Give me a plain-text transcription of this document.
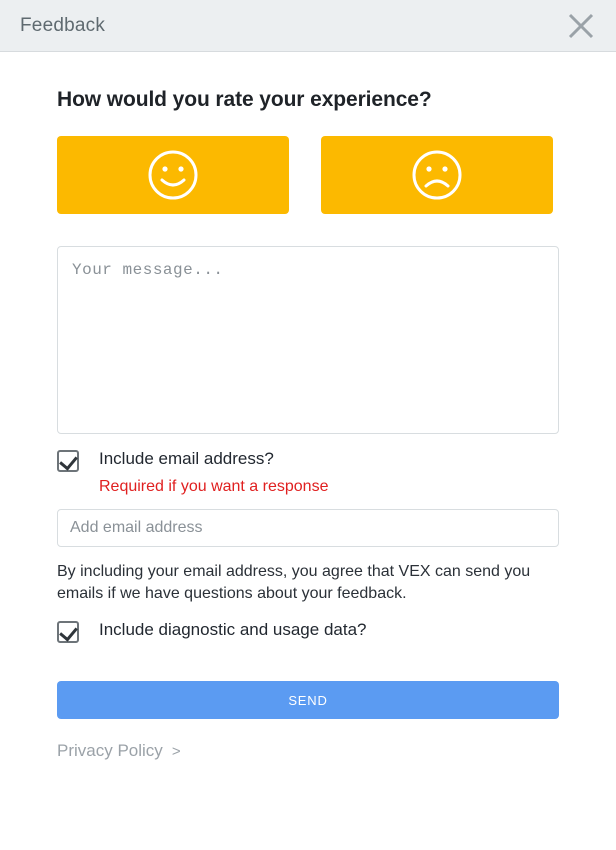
Feedback
How would you rate your experience?
Your message...
Include email address?
Required if you want a response
Add email address
By including your email address, you agree that VEX can send you emails if we have questions about your feedback.
Include diagnostic and usage data?
SEND
Privacy Policy >
